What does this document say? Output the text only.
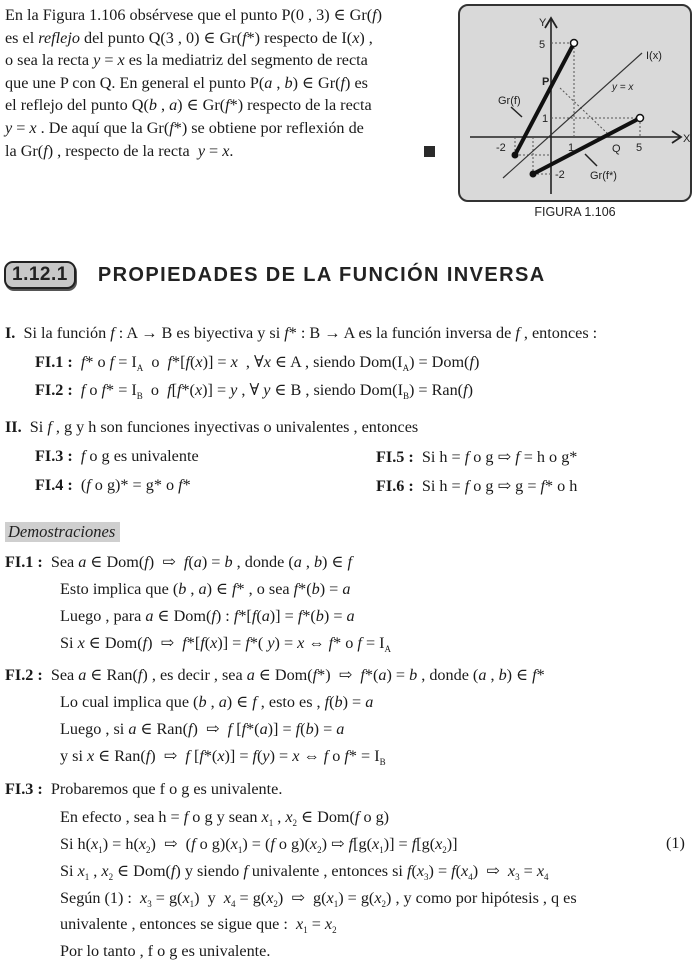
En la Figura 1.106 obsérvese que el punto P(0 , 3) ∈ Gr(f)
es el reflejo del punto Q(3 , 0) ∈ Gr(f*) respecto de I(x) ,
o sea la recta y = x es la mediatriz del segmento de recta
que une P con Q. En general el punto P(a , b) ∈ Gr(f) es
el reflejo del punto Q(b , a) ∈ Gr(f*) respecto de la recta
y = x . De aquí que la Gr(f*) se obtiene por reflexión de
la Gr(f) , respecto de la recta  y = x.
X
Y
5
1
-2
-2	1	5
P
Q
Gr(f)
Gr(f*)
I(x)
y = x
FIGURA 1.106
1.12.1	PROPIEDADES DE LA FUNCIÓN INVERSA
I.  Si la función f : A → B es biyectiva y si f* : B → A es la función inversa de f , entonces :
FI.1 : f* o $f = I_A$  o  f*[f(x)] = x  , ∀x ∈ A , siendo $Dom(I_A) = Dom(f)$
FI.2 : f o $f* = I_B$  o  f[f*(x)] = y , ∀ y ∈ B , siendo $Dom(I_B) = Ran(f)$
II.  Si f , g y h son funciones inyectivas o univalentes , entonces
FI.3 : f o g es univalente	FI.5 :  Si h = f o g ⇨ f = h o g*
FI.4 :  (f o g)* = g* o f*	FI.6 :  Si h = f o g ⇨ g = f* o h
Demostraciones
FI.1 :  Sea a ∈ Dom(f)  ⇨  f(a) = b , donde (a , b) ∈ f
Esto implica que (b , a) ∈ f* , o sea f*(b) = a
Luego , para a ∈ Dom(f) : f*[f(a)] = f*(b) = a
Si x ∈ Dom(f)  ⇨  f*[f(x)] = f*( y) = x ⇔ f* o $f = I_A$
FI.2 :  Sea a ∈ Ran(f) , es decir , sea a ∈ Dom(f*)  ⇨  f*(a) = b , donde (a , b) ∈ f*
Lo cual implica que (b , a) ∈ f , esto es , f(b) = a
Luego , si a ∈ Ran(f)  ⇨  f [f*(a)] = f(b) = a
y si x ∈ Ran(f)  ⇨  f [f*(x)] = f(y) = x ⇔ f o $f* = I_B$
FI.3 : Probaremos que f o g es univalente.
En efecto , sea h = f o g y sean $x_1$ , $x_2$ ∈ Dom(f o g)
Si $h(x_1) = h(x_2)$  ⇨  (f o $g)(x_1) = (f$ o $g)(x_2)$ ⇨ $f[g(x_1)] = f[g(x_2)]$	(1)
Si $x_1$ , $x_2$ ∈ Dom(f) y siendo f univalente , entonces si $f(x_3) = f(x_4)$  ⇨  $x_3 = x_4$
Según (1) :  $x_3 = g(x_1)$  y  $x_4 = g(x_2)$  ⇨  $g(x_1) = g(x_2)$ , y como por hipótesis , q es
univalente , entonces se sigue que :  $x_1 = x_2$
Por lo tanto , f o g es univalente.
